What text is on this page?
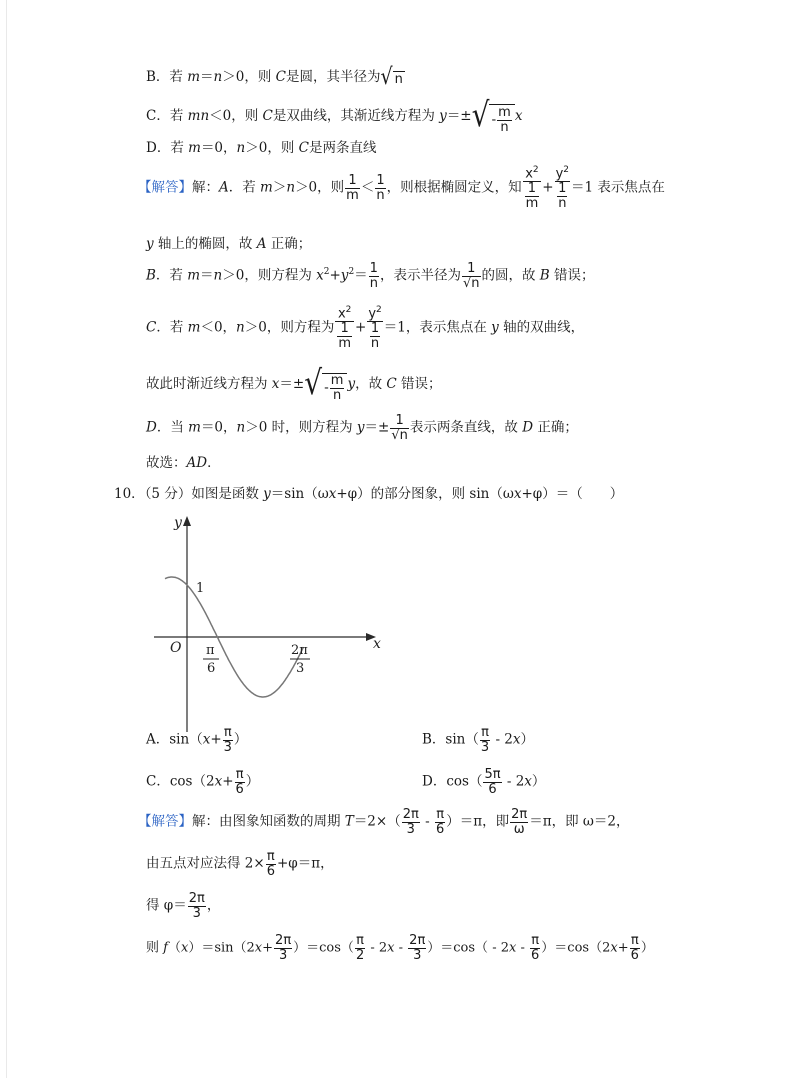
B．若 m＝n＞0，则 C是圆，其半径为√ n
C．若 mn＜0，则 C是双曲线，其渐近线方程为 $y=\pm√ - \frac{m}{n}$ x
D．若 m＝0，n＞0，则 C是两条直线
【解答】解：A．若 m＞n＞0，则 $\frac{1}{m} < \frac{1}{n}$ ，则根据椭圆定义，知 $\frac{x^2}{\frac{1}{m}} + \frac{y^2}{\frac{1}{n}} =1$ 表示焦点在
y 轴上的椭圆，故 A 正确；
B．若 m＝n＞0，则方程为 $x^2+y^2= \frac{1}{n}$ ，表示半径为 $\frac{1}{√n}$ 的圆，故 B 错误；
C．若 m＜0，n＞0，则方程为 $\frac{x^2}{\frac{1}{m}} + \frac{y^2}{\frac{1}{n}} =1$，表示焦点在 y 轴的双曲线，
故此时渐近线方程为 $x=\pm√ - \frac{m}{n}$ y，故 C 错误；
D．当 m＝0，n＞0 时，则方程为 $y=\pm \frac{1}{√n}$ 表示两条直线，故 D 正确；
故选：AD．
10．（5 分）如图是函数 y＝sin（ωx+φ）的部分图象，则 sin（ωx+φ）＝（　　）
y
x
O
1
π
6
2π
3
A．$\sin(x+ \frac{\pi}{3}$ ）	B．$\sin( \frac{\pi}{3} - 2x)$
C．$\cos(2x+ \frac{\pi}{6}$ ）	D．$\cos( \frac{5\pi}{6} - 2x)$
【解答】解：由图象知函数的周期 $T=2\times( \frac{2\pi}{3} - \frac{\pi}{6} )=\pi$，即 $\frac{2\pi}{\omega} =\pi$，即 ω＝2，
由五点对应法得 $2\times \frac{\pi}{6} +\varphi=\pi$，
得 $\varphi= \frac{2\pi}{3}$ ，
则 $f(x)=\sin(2x+ \frac{2\pi}{3} )=\cos( \frac{\pi}{2} - 2x - \frac{2\pi}{3} )=\cos( - 2x - \frac{\pi}{6} )=\cos(2x+ \frac{\pi}{6}$ ）
